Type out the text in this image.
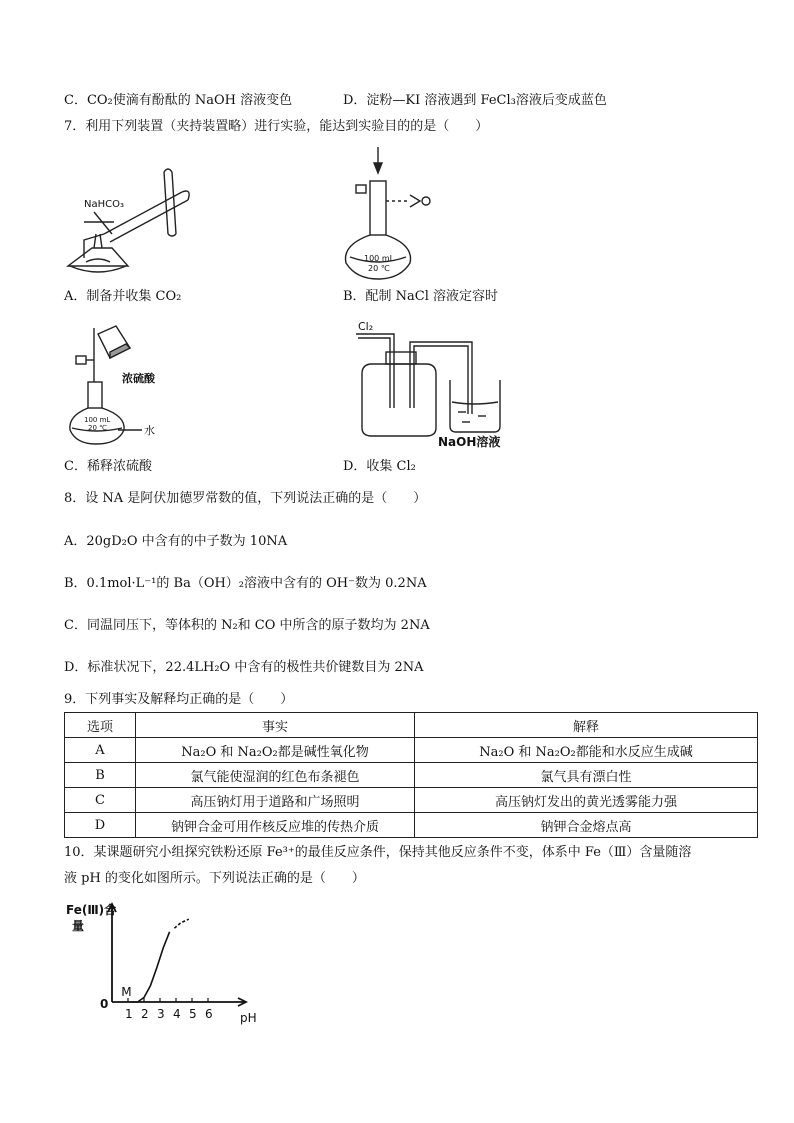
C．CO₂使滴有酚酞的 NaOH 溶液变色	D．淀粉—KI 溶液遇到 FeCl₃溶液后变成蓝色
7．利用下列装置（夹持装置略）进行实验，能达到实验目的的是（　　）
NaHCO₃
A．制备并收集 CO₂
100 mL
20 ℃
B．配制 NaCl 溶液定容时
浓硫酸
100 mL
20 ℃	水
C．稀释浓硫酸
Cl₂
NaOH溶液
D．收集 Cl₂
8．设 NA 是阿伏加德罗常数的值，下列说法正确的是（　　）
A．20gD₂O 中含有的中子数为 10NA
B．0.1mol·L⁻¹的 Ba（OH）₂溶液中含有的 OH⁻数为 0.2NA
C．同温同压下，等体积的 N₂和 CO 中所含的原子数均为 2NA
D．标准状况下，22.4LH₂O 中含有的极性共价键数目为 2NA
9．下列事实及解释均正确的是（　　）
选项	事实	解释
A	Na₂O 和 Na₂O₂都是碱性氧化物	Na₂O 和 Na₂O₂都能和水反应生成碱
B	氯气能使湿润的红色布条褪色	氯气具有漂白性
C	高压钠灯用于道路和广场照明	高压钠灯发出的黄光透雾能力强
D	钠钾合金可用作核反应堆的传热介质	钠钾合金熔点高
10．某课题研究小组探究铁粉还原 Fe³⁺的最佳反应条件，保持其他反应条件不变，体系中 Fe（Ⅲ）含量随溶
液 pH 的变化如图所示。下列说法正确的是（　　）
Fe(Ⅲ)含量
0
pH
1 2 3 4 5 6
M
